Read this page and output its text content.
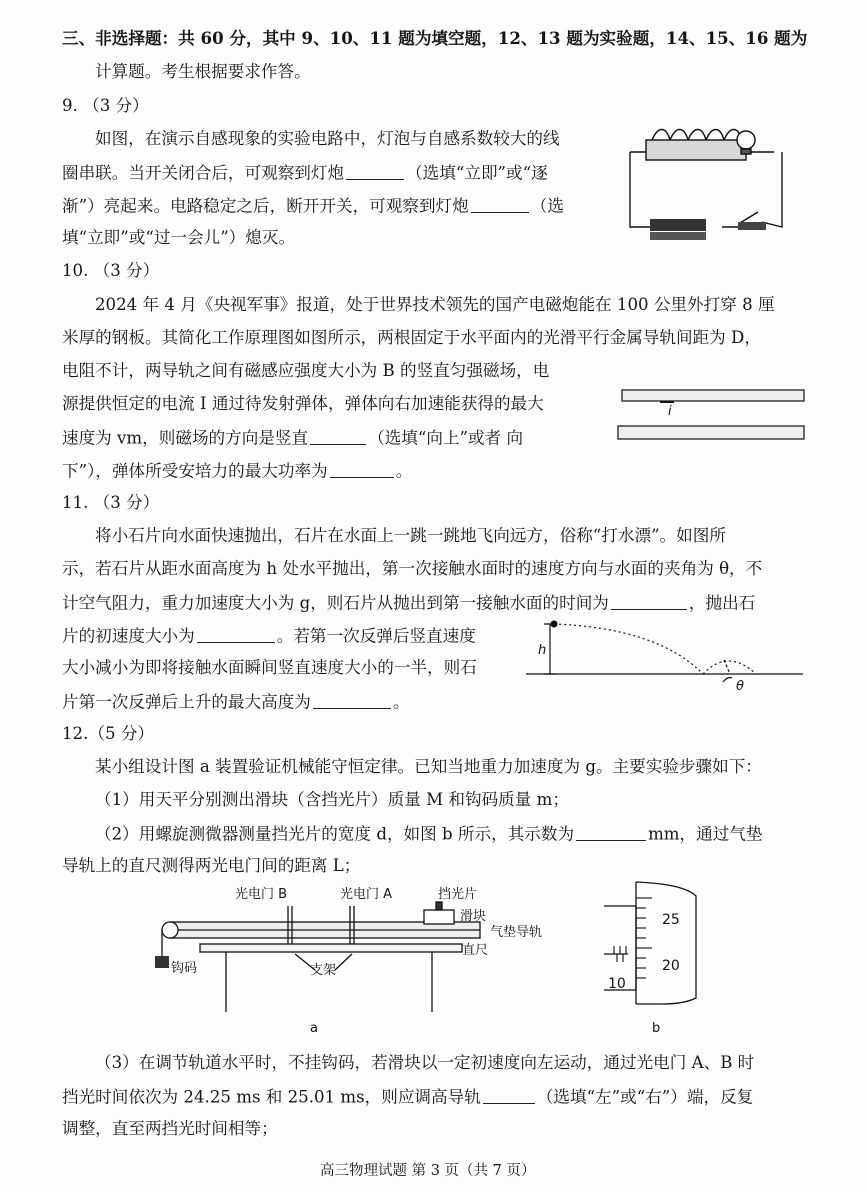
三、非选择题：共 60 分，其中 9、10、11 题为填空题，12、13 题为实验题，14、15、16 题为
计算题。考生根据要求作答。
9. （3 分）
如图，在演示自感现象的实验电路中，灯泡与自感系数较大的线
圈串联。当开关闭合后，可观察到灯炮	（选填“立即”或“逐
渐”）亮起来。电路稳定之后，断开开关，可观察到灯炮	（选
填“立即”或“过一会儿”）熄灭。
10. （3 分）
2024 年 4 月《央视军事》报道，处于世界技术领先的国产电磁炮能在 100 公里外打穿 8 厘
米厚的钢板。其简化工作原理图如图所示，两根固定于水平面内的光滑平行金属导轨间距为 D，
电阻不计，两导轨之间有磁感应强度大小为 B 的竖直匀强磁场，电
源提供恒定的电流 I 通过待发射弹体，弹体向右加速能获得的最大
速度为 vm，则磁场的方向是竖直	（选填“向上”或者 向
下”），弹体所受安培力的最大功率为	。
i
11. （3 分）
将小石片向水面快速抛出，石片在水面上一跳一跳地飞向远方，俗称“打水漂”。如图所
示，若石片从距水面高度为 h 处水平抛出，第一次接触水面时的速度方向与水面的夹角为 θ，不
计空气阻力，重力加速度大小为 g，则石片从抛出到第一接触水面的时间为	，抛出石
片的初速度大小为	。若第一次反弹后竖直速度
大小减小为即将接触水面瞬间竖直速度大小的一半，则石
片第一次反弹后上升的最大高度为	。
h
θ
12.（5 分）
某小组设计图 a 装置验证机械能守恒定律。已知当地重力加速度为 g。主要实验步骤如下：
（1）用天平分别测出滑块（含挡光片）质量 M 和钩码质量 m；
（2）用螺旋测微器测量挡光片的宽度 d，如图 b 所示，其示数为	mm，通过气垫
导轨上的直尺测得两光电门间的距离 L；
光电门 B	光电门 A	挡光片
滑块
气垫导轨
直尺
钩码	支架
a
25
20
10
b
（3）在调节轨道水平时，不挂钩码，若滑块以一定初速度向左运动，通过光电门 A、B 时
挡光时间依次为 24.25 ms 和 25.01 ms，则应调高导轨	（选填“左”或“右”）端，反复
调整，直至两挡光时间相等；
高三物理试题 第 3 页（共 7 页）
